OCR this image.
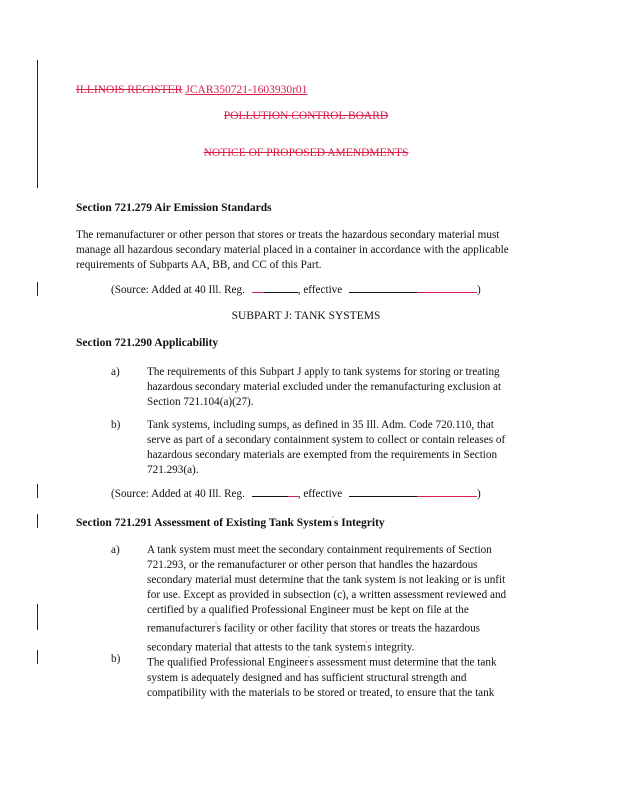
ILLINOIS REGISTER JCAR350721-1603930r01
POLLUTION CONTROL BOARD
NOTICE OF PROPOSED AMENDMENTS
Section 721.279 Air Emission Standards
The remanufacturer or other person that stores or treats the hazardous secondary material must
manage all hazardous secondary material placed in a container in accordance with the applicable
requirements of Subparts AA, BB, and CC of this Part.
(Source: Added at 40 Ill. Reg.	, effective	)
SUBPART J: TANK SYSTEMS
Section 721.290 Applicability
a) The requirements of this Subpart J apply to tank systems for storing or treating
hazardous secondary material excluded under the remanufacturing exclusion at
Section 721.104(a)(27).
b) Tank systems, including sumps, as defined in 35 Ill. Adm. Code 720.110, that
serve as part of a secondary containment system to collect or contain releases of
hazardous secondary materials are exempted from the requirements in Section
721.293(a).
(Source: Added at 40 Ill. Reg.	, effective	)
Section 721.291 Assessment of Existing Tank System's Integrity
a) A tank system must meet the secondary containment requirements of Section
721.293, or the remanufacturer or other person that handles the hazardous
secondary material must determine that the tank system is not leaking or is unfit
for use. Except as provided in subsection (c), a written assessment reviewed and
certified by a qualified Professional Engineer must be kept on file at the
remanufacturer's facility or other facility that stores or treats the hazardous
secondary material that attests to the tank system's integrity.
b) The qualified Professional Engineer's assessment must determine that the tank
system is adequately designed and has sufficient structural strength and
compatibility with the materials to be stored or treated, to ensure that the tank
